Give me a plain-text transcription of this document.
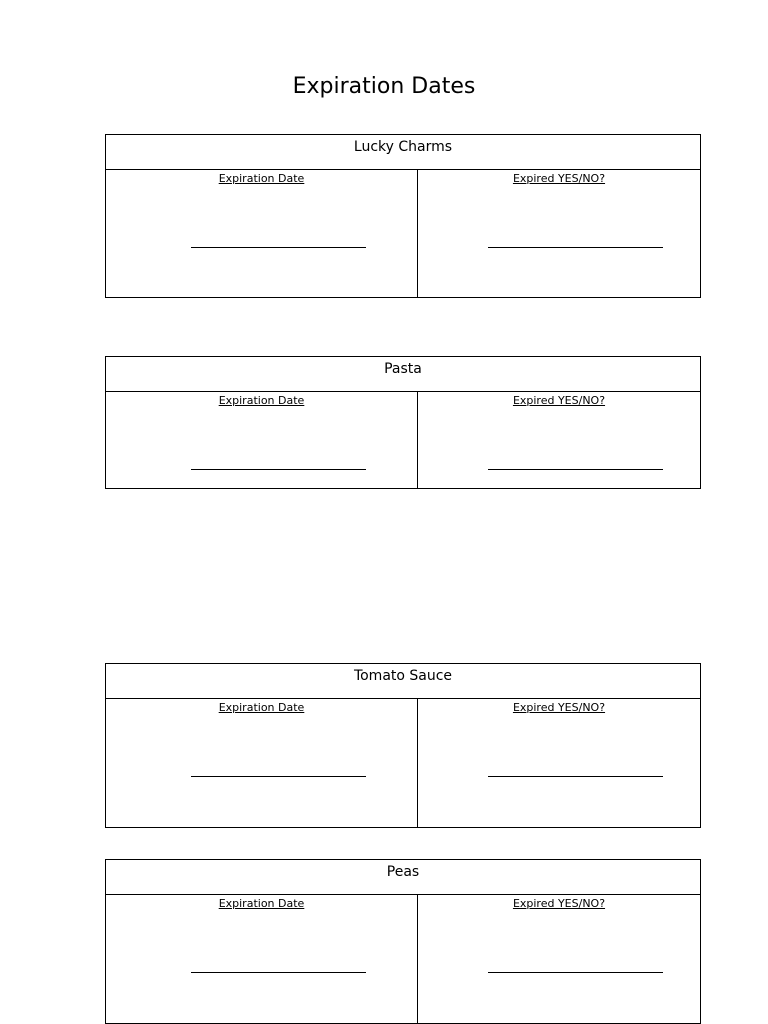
Expiration Dates
Lucky Charms
Expiration Date	Expired YES/NO?
Pasta
Expiration Date	Expired YES/NO?
Tomato Sauce
Expiration Date	Expired YES/NO?
Peas
Expiration Date	Expired YES/NO?
